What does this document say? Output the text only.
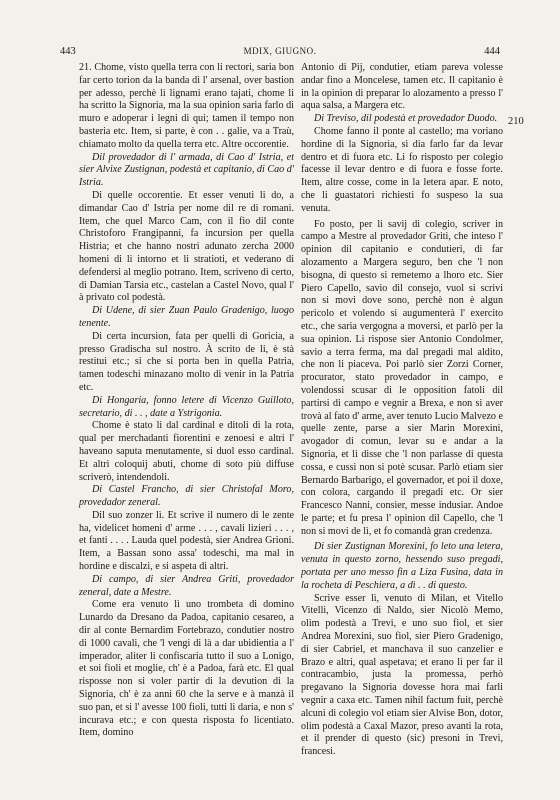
443	MDIX, GIUGNO.	444

21. Chome, visto quella terra con li rectori, saria bon far certo torion da la banda di l' arsenal, over bastion per adesso, perchè li lignami erano tajati, chome li ha scritto la Signoria, ma la sua opinion saria farlo di muro e adoperar i legni di qui; tamen il tempo non basteria etc. Item, si parte, è con . . galie, va a Traù, chiamato molto da quella terra etc. Altre occorentie.

Dil provedador di l' armada, di Cao d' Istria, et sier Alvixe Zustignan, podestà et capitanio, di Cao d' Istria.

Di quelle occorentie. Et esser venuti li do, a dimandar Cao d' Istria per nome dil re di romani. Item, che quel Marco Cam, con il fio dil conte Christoforo Frangipanni, fa incursion per quella Histria; et che hanno nostri adunato zercha 2000 homeni di li intorno et li stratioti, et vederano di defendersi al meglio potrano. Item, scriveno di certo, di Damian Tarsia etc., castelan a Castel Novo, qual l' à privato col podestà.

Di Udene, di sier Zuan Paulo Gradenigo, luogo tenente.

Di certa incursion, fata per quelli di Goricia, a presso Gradischa sul nostro. À scrito de li, è stà restitui etc.; si che si porta ben in quella Patria, tamen todeschi minazano molto di venir in la Patria etc.

Di Hongaria, fonno letere di Vicenzo Guilloto, secretario, di . . , date a Ystrigonia.

Chome è stato li dal cardinal e ditoli di la rota, qual per merchadanti fiorentini e zenoesi e altri l' haveano saputa menutamente, si duol esso cardinal. Et altri coloquij abuti, chome di soto più diffuse scriverò, intendendoli.

Di Castel Francho, di sier Christofal Moro, provedador zeneral.

Dil suo zonzer lì. Et scrive il numero di le zente ha, videlicet homeni d' arme . . . , cavali lizieri . . . , et fanti . . . . Lauda quel podestà, sier Andrea Grioni. Item, a Bassan sono assa' todeschi, ma mal in hordine e discalzi, e si aspeta di altri.

Di campo, di sier Andrea Griti, provedador zeneral, date a Mestre.

Come era venuto lì uno trombeta di domino Lunardo da Dresano da Padoa, capitanio cesareo, a dir al conte Bernardim Fortebrazo, condutier nostro di 1000 cavali, che 'l vengi di là a dar ubidientia a l' imperador, aliter li confiscaria tutto il suo a Lonigo, et soi fioli et moglie, ch' è a Padoa, farà etc. El qual risposse non si voler partir di la devution di la Signoria, ch' è za anni 60 che la serve e à manzà il suo pan, et si l' avesse 100 fioli, tutti li daria, e non s' incurava etc.; e con questa risposta fo licentiato. Item, domino

Antonio di Pij, condutier, etiam pareva volesse andar fino a Moncelese, tamen etc. Il capitanio è in la opinion di preparar lo alozamento a presso l' aqua salsa, a Margera etc.

Di Treviso, dil podestà et provedador Duodo.

Chome fanno il ponte al castello; ma voriano hordine di la Signoria, si dia farlo far da levar dentro et di fuora etc. Li fo risposto per colegio facesse il levar dentro e di fuora e fosse forte. Item, altre cosse, come in la letera apar. E noto, che li guastatori richiesti fo suspeso la sua venuta.

Fo posto, per li savij di colegio, scriver in campo a Mestre al provedador Griti, che inteso l' opinion dil capitanio e condutieri, di far alozamento a Margera seguro, ben che 'l non bisogna, di questo si remetemo a lhoro etc. Sier Piero Capello, savio dil consejo, vuol si scrivi non si movi dove sono, perchè non è algun pericolo et volendo si augumenterà l' exercito etc., che saria vergogna a moversi, et parlò per la sua opinion. Li rispose sier Antonio Condolmer, savio a terra ferma, ma dal pregadi mal aldito, che non li piaceva. Poi parlò sier Zorzi Corner, procurator, stato provedador in campo, e volendossi scusar di le opposition fatoli dil partirsi di campo e vegnir a Brexa, e non si aver trovà al fato d' arme, aver tenuto Lucio Malvezo e quelle zente, parse a sier Marin Morexini, avogador di comun, levar su e andar a la Signoria, et li disse che 'l non parlasse di questa cossa, e cussì non si potè scusar. Parlò etiam sier Bernardo Barbarigo, el governador, et poi il doxe, con colora, cargando il pregadi etc. Or sier Francesco Nanni, consier, messe indusiar. Andoe le parte; et fu presa l' opinion dil Capello, che 'l non si movi de lì, et fo comandà gran credenza.

Di sier Zustignan Morexini, fo leto una letera, venuta in questo zorno, hessendo suso pregadi, portata per uno messo fin a Liza Fusina, data in la rocheta di Peschiera, a dì . . di questo.

Scrive esser lì, venuto di Milan, et Vitello Vitelli, Vicenzo di Naldo, sier Nicolò Memo, olim podestà a Trevi, e uno suo fiol, et sier Andrea Morexini, suo fiol, sier Piero Gradenigo, di sier Cabriel, et manchava il suo canzelier e Brazo e altri, qual aspetava; et erano lì per far il contracambio, justa la promessa, perhò pregavano la Signoria dovesse hora mai farli vegnir a caxa etc. Tamen nihil factum fuit, perchè alcuni di colegio vol etiam sier Alvise Bon, dotor, olim podestà a Caxal Mazor, preso avanti la rota, et il prender di questo (sic) presoni in Trevi, francesi.

210
